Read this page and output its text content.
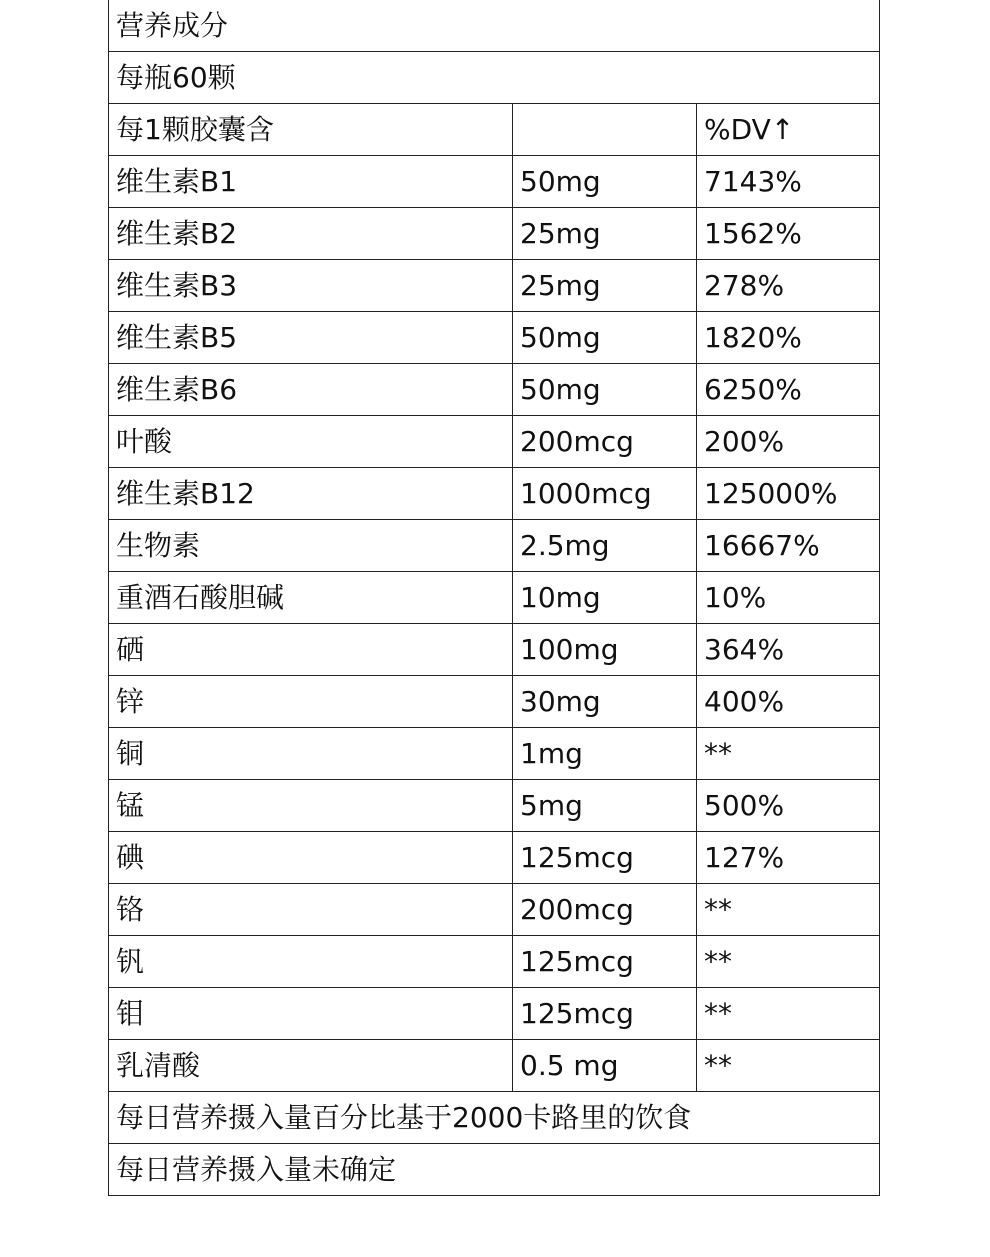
营养成分		
每瓶60颗		
每1颗胶囊含		%DV↑
维生素B1	50mg	7143%
维生素B2	25mg	1562%
维生素B3	25mg	278%
维生素B5	50mg	1820%
维生素B6	50mg	6250%
叶酸	200mcg	200%
维生素B12	1000mcg	125000%
生物素	2.5mg	16667%
重酒石酸胆碱	10mg	10%
硒	100mg	364%
锌	30mg	400%
铜	1mg	**
锰	5mg	500%
碘	125mcg	127%
铬	200mcg	**
钒	125mcg	**
钼	125mcg	**
乳清酸	0.5 mg	**
每日营养摄入量百分比基于2000卡路里的饮食		
每日营养摄入量未确定		
